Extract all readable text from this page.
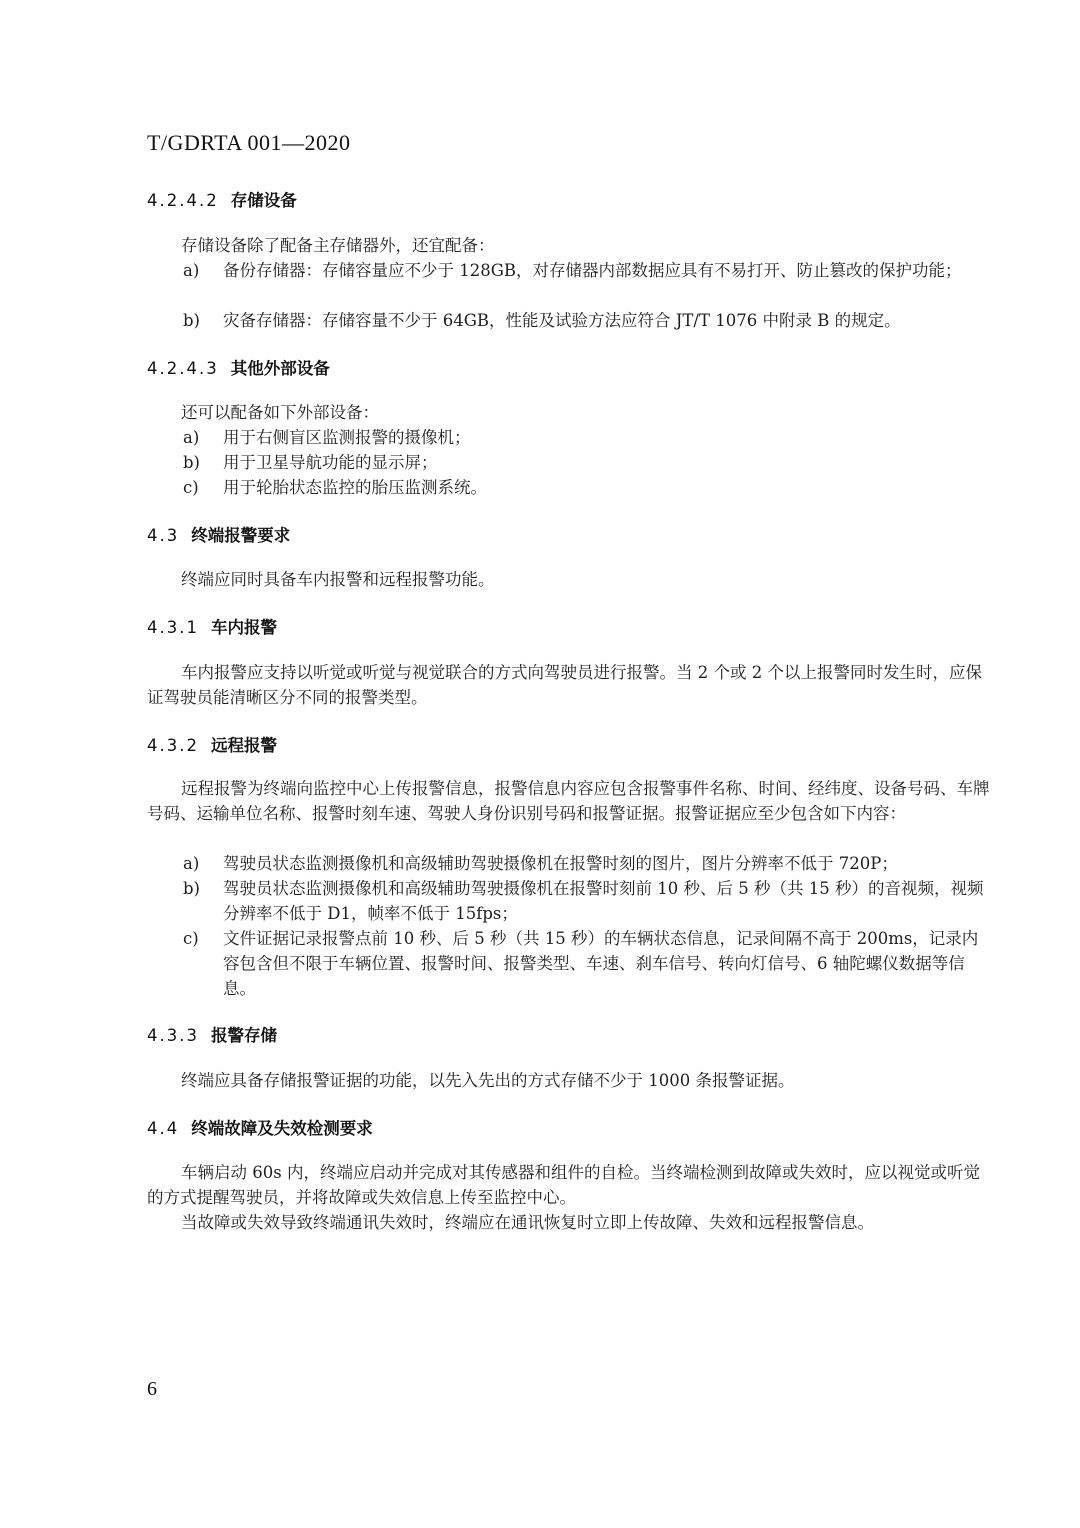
T/GDRTA 001—2020
4.2.4.2 存储设备
存储设备除了配备主存储器外，还宜配备：
a)	备份存储器：存储容量应不少于 128GB，对存储器内部数据应具有不易打开、防止篡改的保护功能；
b)	灾备存储器：存储容量不少于 64GB，性能及试验方法应符合 JT/T 1076 中附录 B 的规定。
4.2.4.3 其他外部设备
还可以配备如下外部设备：
a)	用于右侧盲区监测报警的摄像机；
b)	用于卫星导航功能的显示屏；
c)	用于轮胎状态监控的胎压监测系统。
4.3 终端报警要求
终端应同时具备车内报警和远程报警功能。
4.3.1 车内报警
车内报警应支持以听觉或听觉与视觉联合的方式向驾驶员进行报警。当 2 个或 2 个以上报警同时发生时，应保证驾驶员能清晰区分不同的报警类型。
4.3.2 远程报警
远程报警为终端向监控中心上传报警信息，报警信息内容应包含报警事件名称、时间、经纬度、设备号码、车牌号码、运输单位名称、报警时刻车速、驾驶人身份识别号码和报警证据。报警证据应至少包含如下内容：
a)	驾驶员状态监测摄像机和高级辅助驾驶摄像机在报警时刻的图片，图片分辨率不低于 720P；
b)	驾驶员状态监测摄像机和高级辅助驾驶摄像机在报警时刻前 10 秒、后 5 秒（共 15 秒）的音视频，视频分辨率不低于 D1，帧率不低于 15fps；
c)	文件证据记录报警点前 10 秒、后 5 秒（共 15 秒）的车辆状态信息，记录间隔不高于 200ms，记录内容包含但不限于车辆位置、报警时间、报警类型、车速、刹车信号、转向灯信号、6 轴陀螺仪数据等信息。
4.3.3 报警存储
终端应具备存储报警证据的功能，以先入先出的方式存储不少于 1000 条报警证据。
4.4 终端故障及失效检测要求
车辆启动 60s 内，终端应启动并完成对其传感器和组件的自检。当终端检测到故障或失效时，应以视觉或听觉的方式提醒驾驶员，并将故障或失效信息上传至监控中心。
当故障或失效导致终端通讯失效时，终端应在通讯恢复时立即上传故障、失效和远程报警信息。
6
